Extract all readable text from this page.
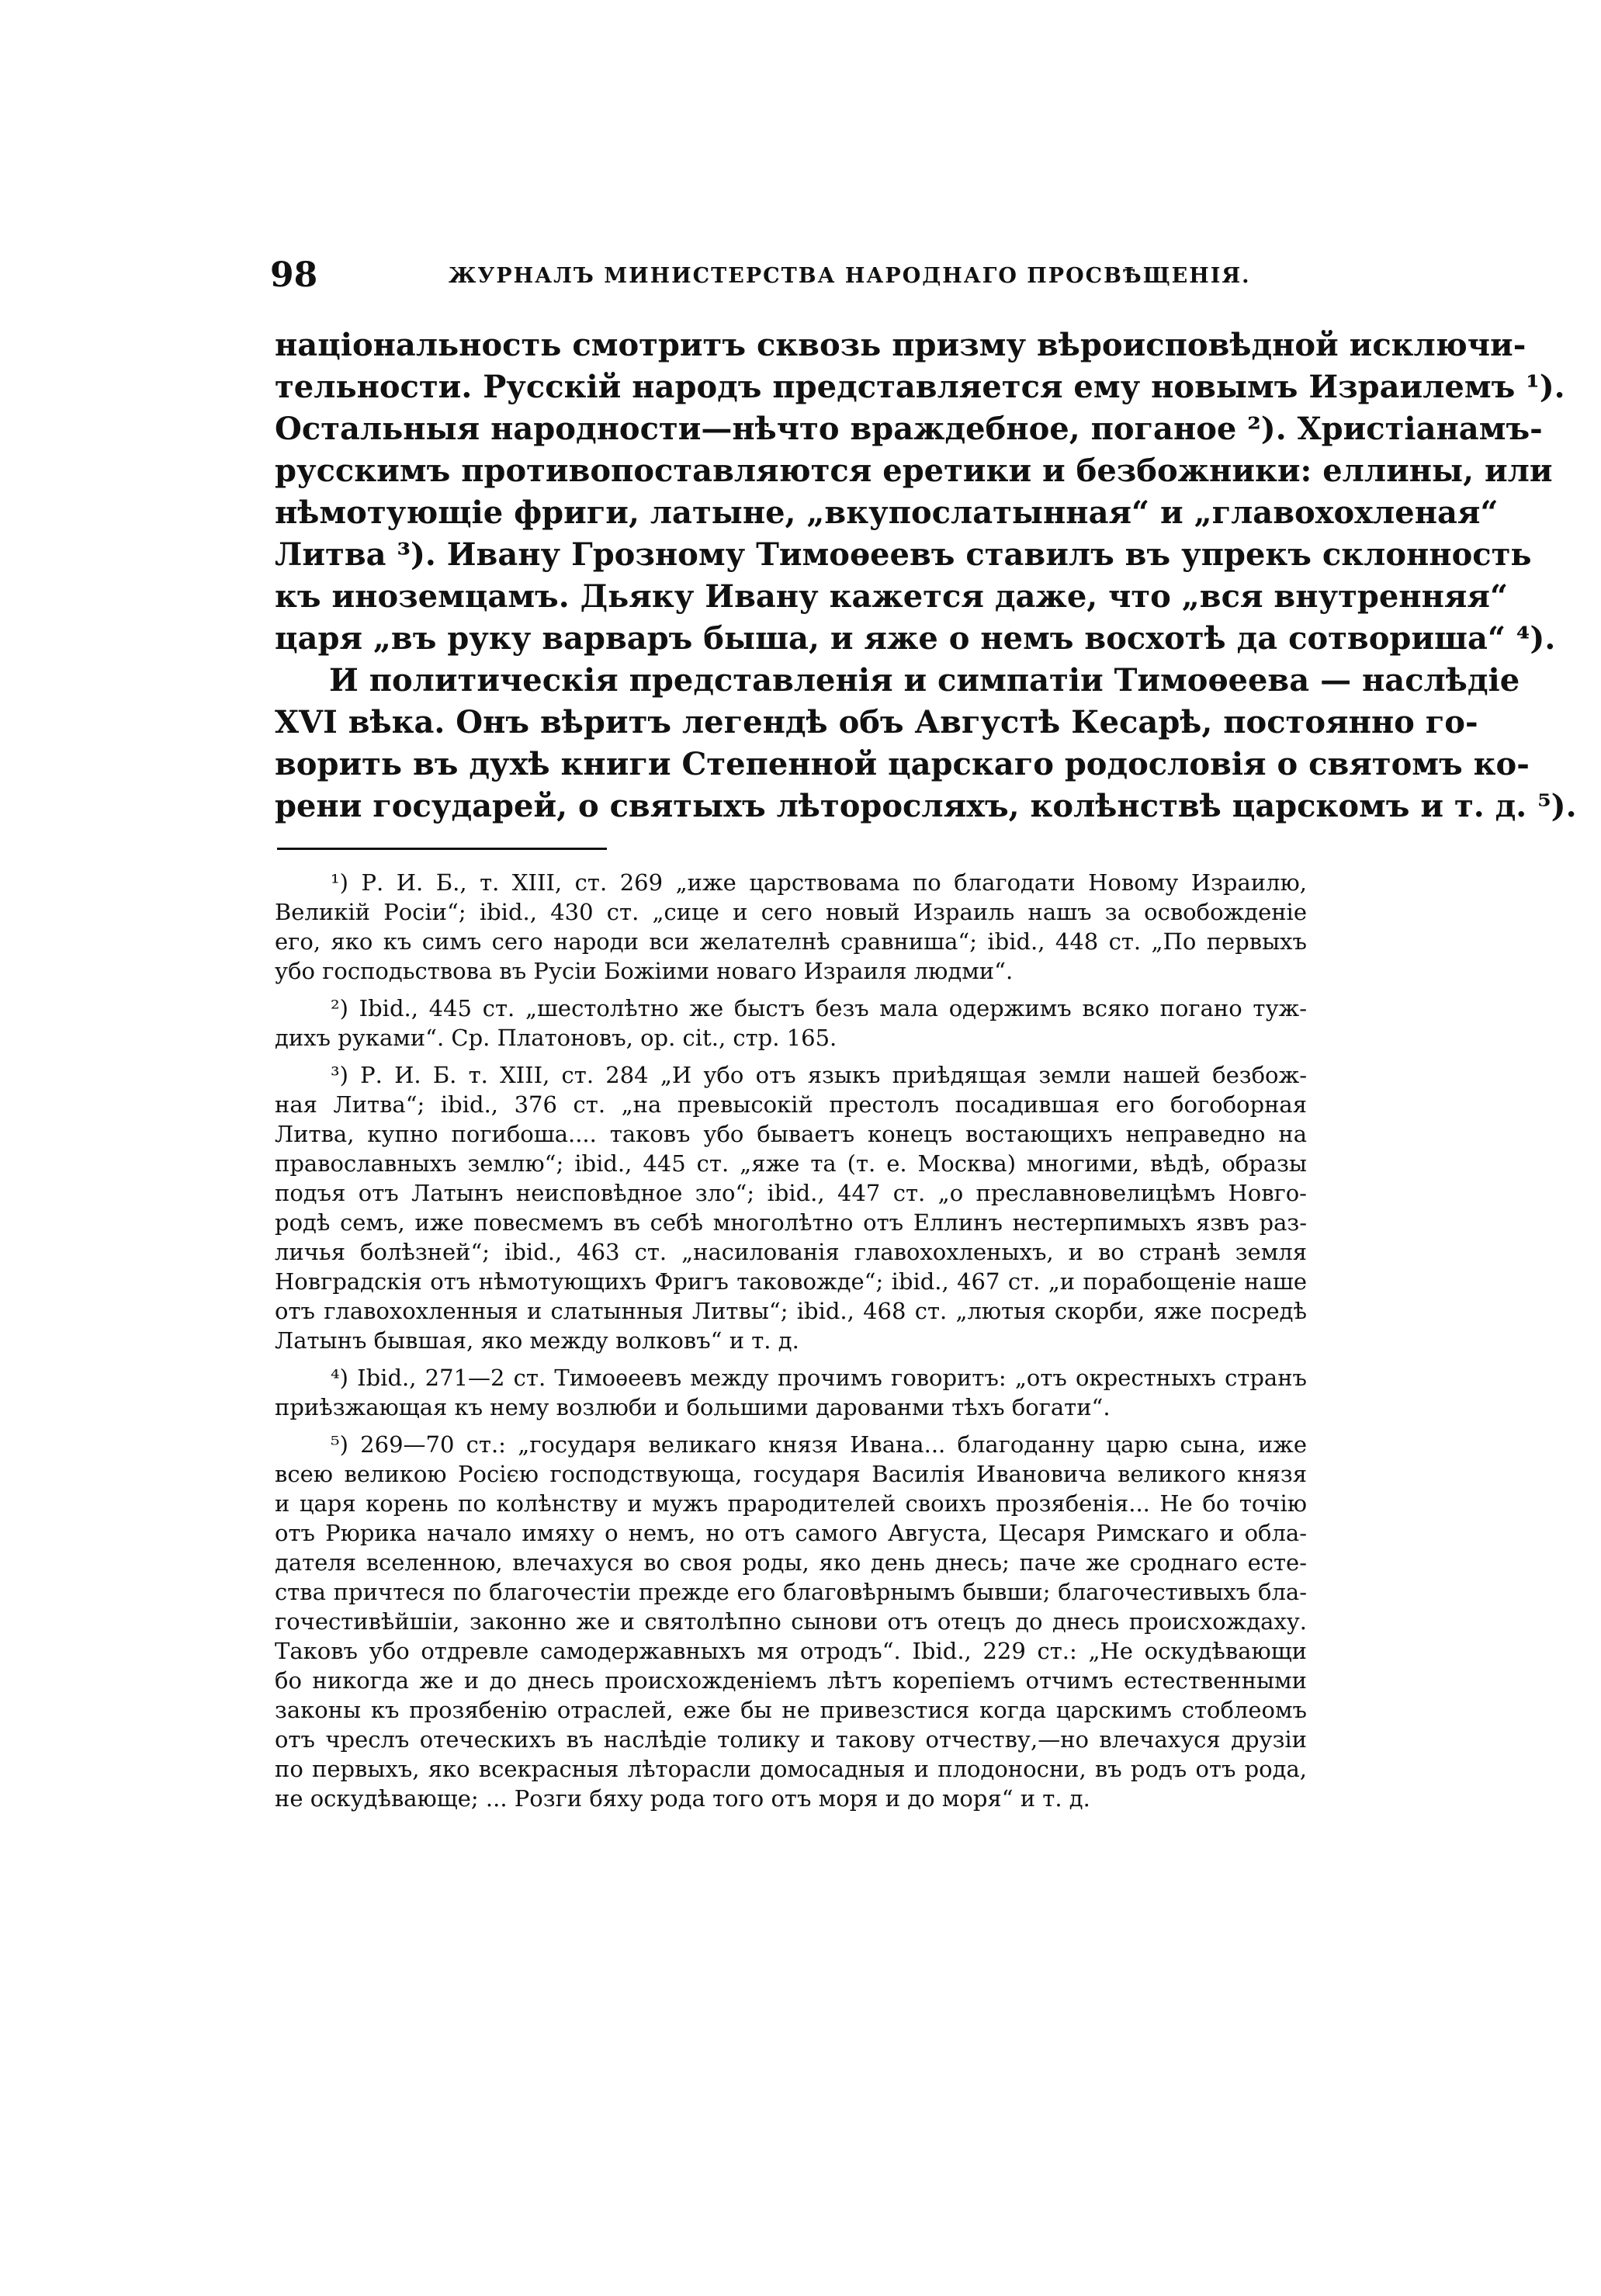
98	ЖУРНАЛЪ МИНИСТЕРСТВА НАРОДНАГО ПРОСВѢЩЕНІЯ.
національность смотритъ сквозь призму вѣроисповѣдной исключи-
тельности. Русскій народъ представляется ему новымъ Израилемъ ¹).
Остальныя народности—нѣчто враждебное, поганое ²). Христіанамъ-
русскимъ противопоставляются еретики и безбожники: еллины, или
нѣмотующіе фриги, латыне, „вкупослатынная“ и „главохохленая“
Литва ³). Ивану Грозному Тимоѳеевъ ставилъ въ упрекъ склонность
къ иноземцамъ. Дьяку Ивану кажется даже, что „вся внутренняя“
царя „въ руку варваръ быша, и яже о немъ восхотѣ да сотвориша“ ⁴).
И политическія представленія и симпатіи Тимоѳеева — наслѣдіе
XVI вѣка. Онъ вѣритъ легендѣ объ Августѣ Кесарѣ, постоянно го-
ворить въ духѣ книги Степенной царскаго родословія о святомъ ко-
рени государей, о святыхъ лѣторосляхъ, колѣнствѣ царскомъ и т. д. ⁵).
¹) Р. И. Б., т. XIII, ст. 269 „иже царствовама по благодати Новому Израилю,
Великій Росіи“; ibid., 430 ст. „сице и сего новый Израиль нашъ за освобожденіе
его, яко къ симъ сего народи вси желателнѣ сравниша“; ibid., 448 ст. „По первыхъ
убо господьствова въ Русіи Божіими новаго Израиля людми“.
²) Ibid., 445 ст. „шестолѣтно же быстъ безъ мала одержимъ всяко погано туж-
дихъ руками“. Ср. Платоновъ, op. cit., стр. 165.
³) Р. И. Б. т. XIII, ст. 284 „И убо отъ языкъ приѣдящая земли нашей безбож-
ная Литва“; ibid., 376 ст. „на превысокій престолъ посадившая его богоборная
Литва, купно погибоша.... таковъ убо бываетъ конецъ востающихъ неправедно на
православныхъ землю“; ibid., 445 ст. „яже та (т. е. Москва) многими, вѣдѣ, образы
подъя отъ Латынъ неисповѣдное зло“; ibid., 447 ст. „о преславновелицѣмъ Новго-
родѣ семъ, иже повесмемъ въ себѣ многолѣтно отъ Еллинъ нестерпимыхъ язвъ раз-
личья болѣзней“; ibid., 463 ст. „насилованія главохохленыхъ, и во странѣ земля
Новградскія отъ нѣмотующихъ Фригъ таковожде“; ibid., 467 ст. „и порабощеніе наше
отъ главохохленныя и слатынныя Литвы“; ibid., 468 ст. „лютыя скорби, яже посредѣ
Латынъ бывшая, яко между волковъ“ и т. д.
⁴) Ibid., 271—2 ст. Тимоѳеевъ между прочимъ говоритъ: „отъ окрестныхъ странъ
приѣзжающая къ нему возлюби и большими дарованми тѣхъ богати“.
⁵) 269—70 ст.: „государя великаго князя Ивана... благоданну царю сына, иже
всею великою Росією господствующа, государя Василія Ивановича великого князя
и царя корень по колѣнству и мужъ прародителей своихъ прозябенія... Не бо точію
отъ Рюрика начало имяху о немъ, но отъ самого Августа, Цесаря Римскаго и обла-
дателя вселенною, влечахуся во своя роды, яко день днесь; паче же срoднаго есте-
ства причтеся по благочестіи прежде его благовѣрнымъ бывши; благочестивыхъ бла-
гочестивѣйшіи, законно же и святолѣпно сынови отъ отецъ до днесь происхождаху.
Таковъ убо отдревле самодержавныхъ мя отродъ“. Ibid., 229 ст.: „Не оскудѣвающи
бо никогда же и до днесь происхожденіемъ лѣтъ корепіемъ отчимъ естественными
законы къ прозябенію отраслей, еже бы не привезстися когда царскимъ стоблеомъ
отъ чреслъ отеческихъ въ наслѣдіе толику и такову отчеству,—но влечахуся друзіи
по первыхъ, яко всекрасныя лѣторасли домосадныя и плодоносни, въ родъ отъ рода,
не оскудѣвающе; ... Розги бяху рода того отъ моря и до моря“ и т. д.
